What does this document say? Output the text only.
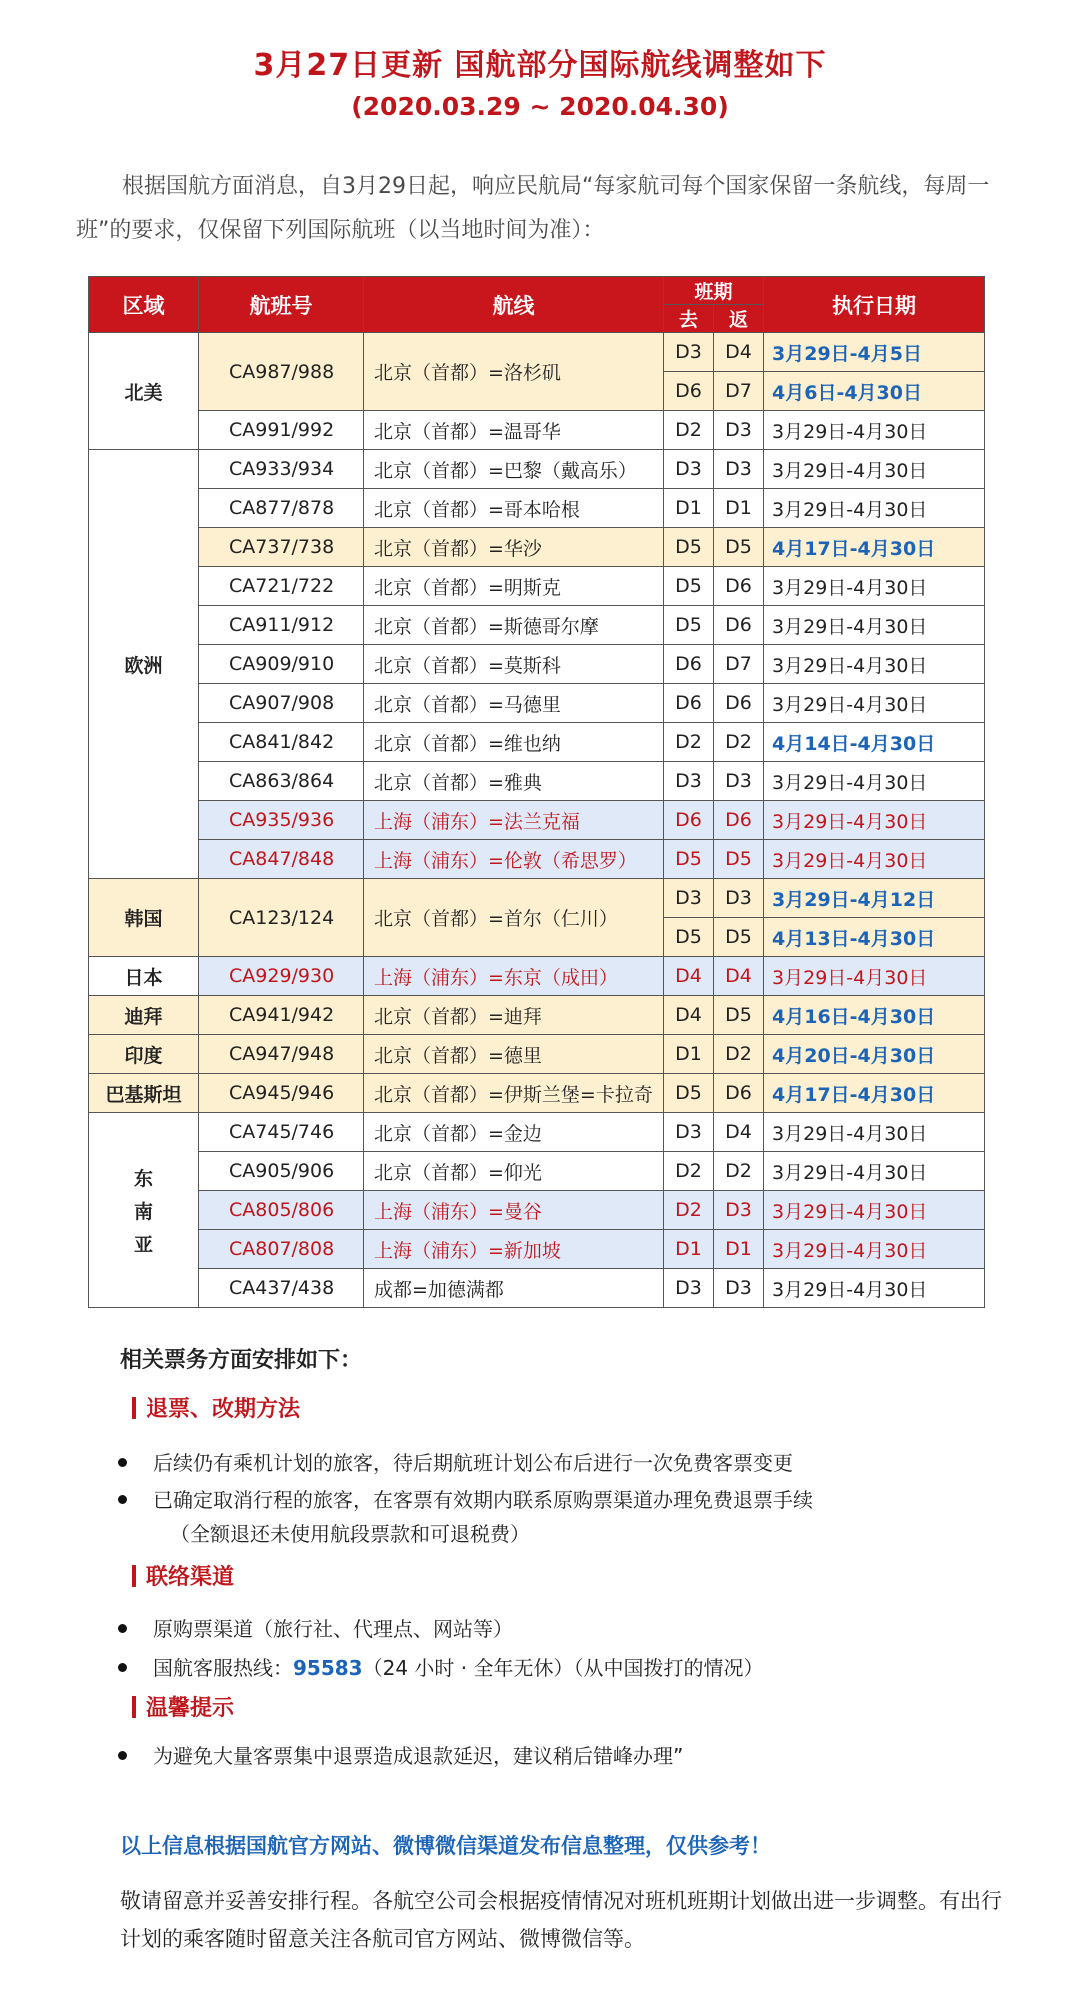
3月27日更新 国航部分国际航线调整如下
(2020.03.29 ~ 2020.04.30)
根据国航方面消息，自3月29日起，响应民航局“每家航司每个国家保留一条航线，每周一班”的要求，仅保留下列国际航班（以当地时间为准）：
区域	航班号	航线	班期		执行日期
			去	返	
北美	CA987/988	北京（首都）=洛杉矶	D3	D4	3月29日-4月5日
			D6	D7	4月6日-4月30日
	CA991/992	北京（首都）=温哥华	D2	D3	3月29日-4月30日
欧洲	CA933/934	北京（首都）=巴黎（戴高乐）	D3	D3	3月29日-4月30日
	CA877/878	北京（首都）=哥本哈根	D1	D1	3月29日-4月30日
	CA737/738	北京（首都）=华沙	D5	D5	4月17日-4月30日
	CA721/722	北京（首都）=明斯克	D5	D6	3月29日-4月30日
	CA911/912	北京（首都）=斯德哥尔摩	D5	D6	3月29日-4月30日
	CA909/910	北京（首都）=莫斯科	D6	D7	3月29日-4月30日
	CA907/908	北京（首都）=马德里	D6	D6	3月29日-4月30日
	CA841/842	北京（首都）=维也纳	D2	D2	4月14日-4月30日
	CA863/864	北京（首都）=雅典	D3	D3	3月29日-4月30日
	CA935/936	上海（浦东）=法兰克福	D6	D6	3月29日-4月30日
	CA847/848	上海（浦东）=伦敦（希思罗）	D5	D5	3月29日-4月30日
韩国	CA123/124	北京（首都）=首尔（仁川）	D3	D3	3月29日-4月12日
			D5	D5	4月13日-4月30日
日本	CA929/930	上海（浦东）=东京（成田）	D4	D4	3月29日-4月30日
迪拜	CA941/942	北京（首都）=迪拜	D4	D5	4月16日-4月30日
印度	CA947/948	北京（首都）=德里	D1	D2	4月20日-4月30日
巴基斯坦	CA945/946	北京（首都）=伊斯兰堡=卡拉奇	D5	D6	4月17日-4月30日

东
南
亚	CA745/746	北京（首都）=金边	D3	D4	3月29日-4月30日
	CA905/906	北京（首都）=仰光	D2	D2	3月29日-4月30日
	CA805/806	上海（浦东）=曼谷	D2	D3	3月29日-4月30日
	CA807/808	上海（浦东）=新加坡	D1	D1	3月29日-4月30日
	CA437/438	成都=加德满都	D3	D3	3月29日-4月30日
相关票务方面安排如下：
退票、改期方法
后续仍有乘机计划的旅客，待后期航班计划公布后进行一次免费客票变更
已确定取消行程的旅客，在客票有效期内联系原购票渠道办理免费退票手续
（全额退还未使用航段票款和可退税费）
联络渠道
原购票渠道（旅行社、代理点、网站等）
国航客服热线：95583（24 小时 · 全年无休）（从中国拨打的情况）
温馨提示
为避免大量客票集中退票造成退款延迟，建议稍后错峰办理”
以上信息根据国航官方网站、微博微信渠道发布信息整理，仅供参考！
敬请留意并妥善安排行程。各航空公司会根据疫情情况对班机班期计划做出进一步调整。有出行计划的乘客随时留意关注各航司官方网站、微博微信等。
